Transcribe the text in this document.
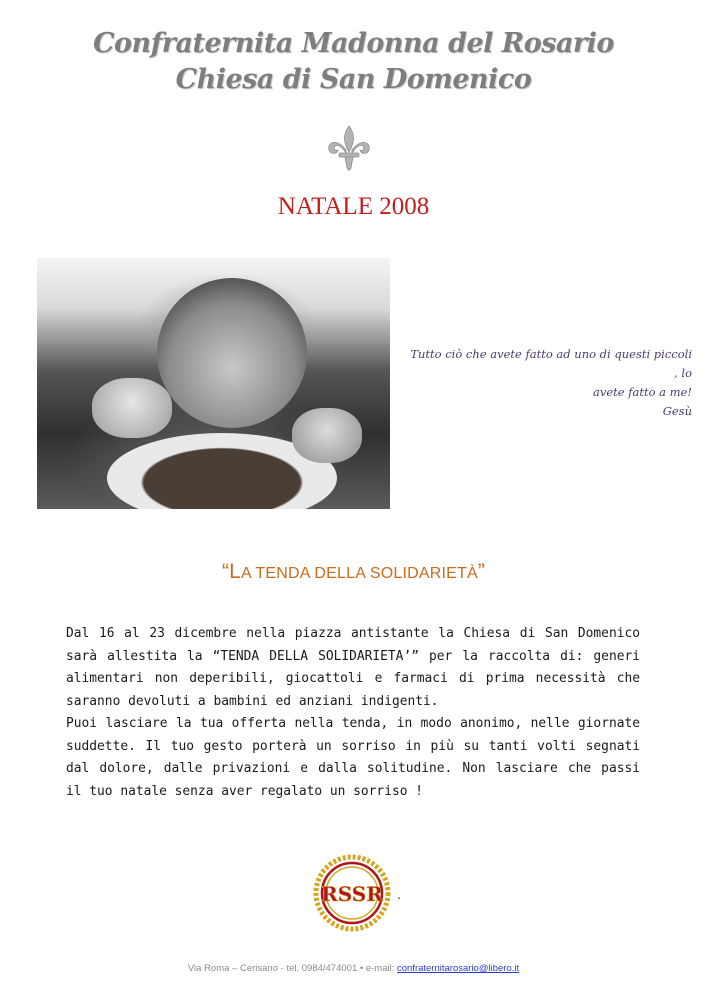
Confraternita Madonna del Rosario
Chiesa di San Domenico
NATALE 2008
Tutto ciò che avete fatto ad uno di questi piccoli , lo
avete fatto a me!
Gesù
“LA TENDA DELLA SOLIDARIETÀ”

Dal 16 al 23 dicembre nella piazza antistante la Chiesa di San Domenico sarà allestita la “TENDA DELLA SOLIDARIETA’” per la raccolta di: generi alimentari non deperibili, giocattoli e farmaci di prima necessità che saranno devoluti a bambini ed anziani indigenti.

Puoi lasciare la tua offerta nella tenda, in modo anonimo, nelle giornate suddette. Il tuo gesto porterà un sorriso in più su tanti volti segnati dal dolore, dalle privazioni e dalla solitudine. Non lasciare che passi il tuo natale senza aver regalato un sorriso !

RSSR .
Via Roma – Cerisano - tel. 0984/474001 • e-mail: confraternitarosario@libero.it
